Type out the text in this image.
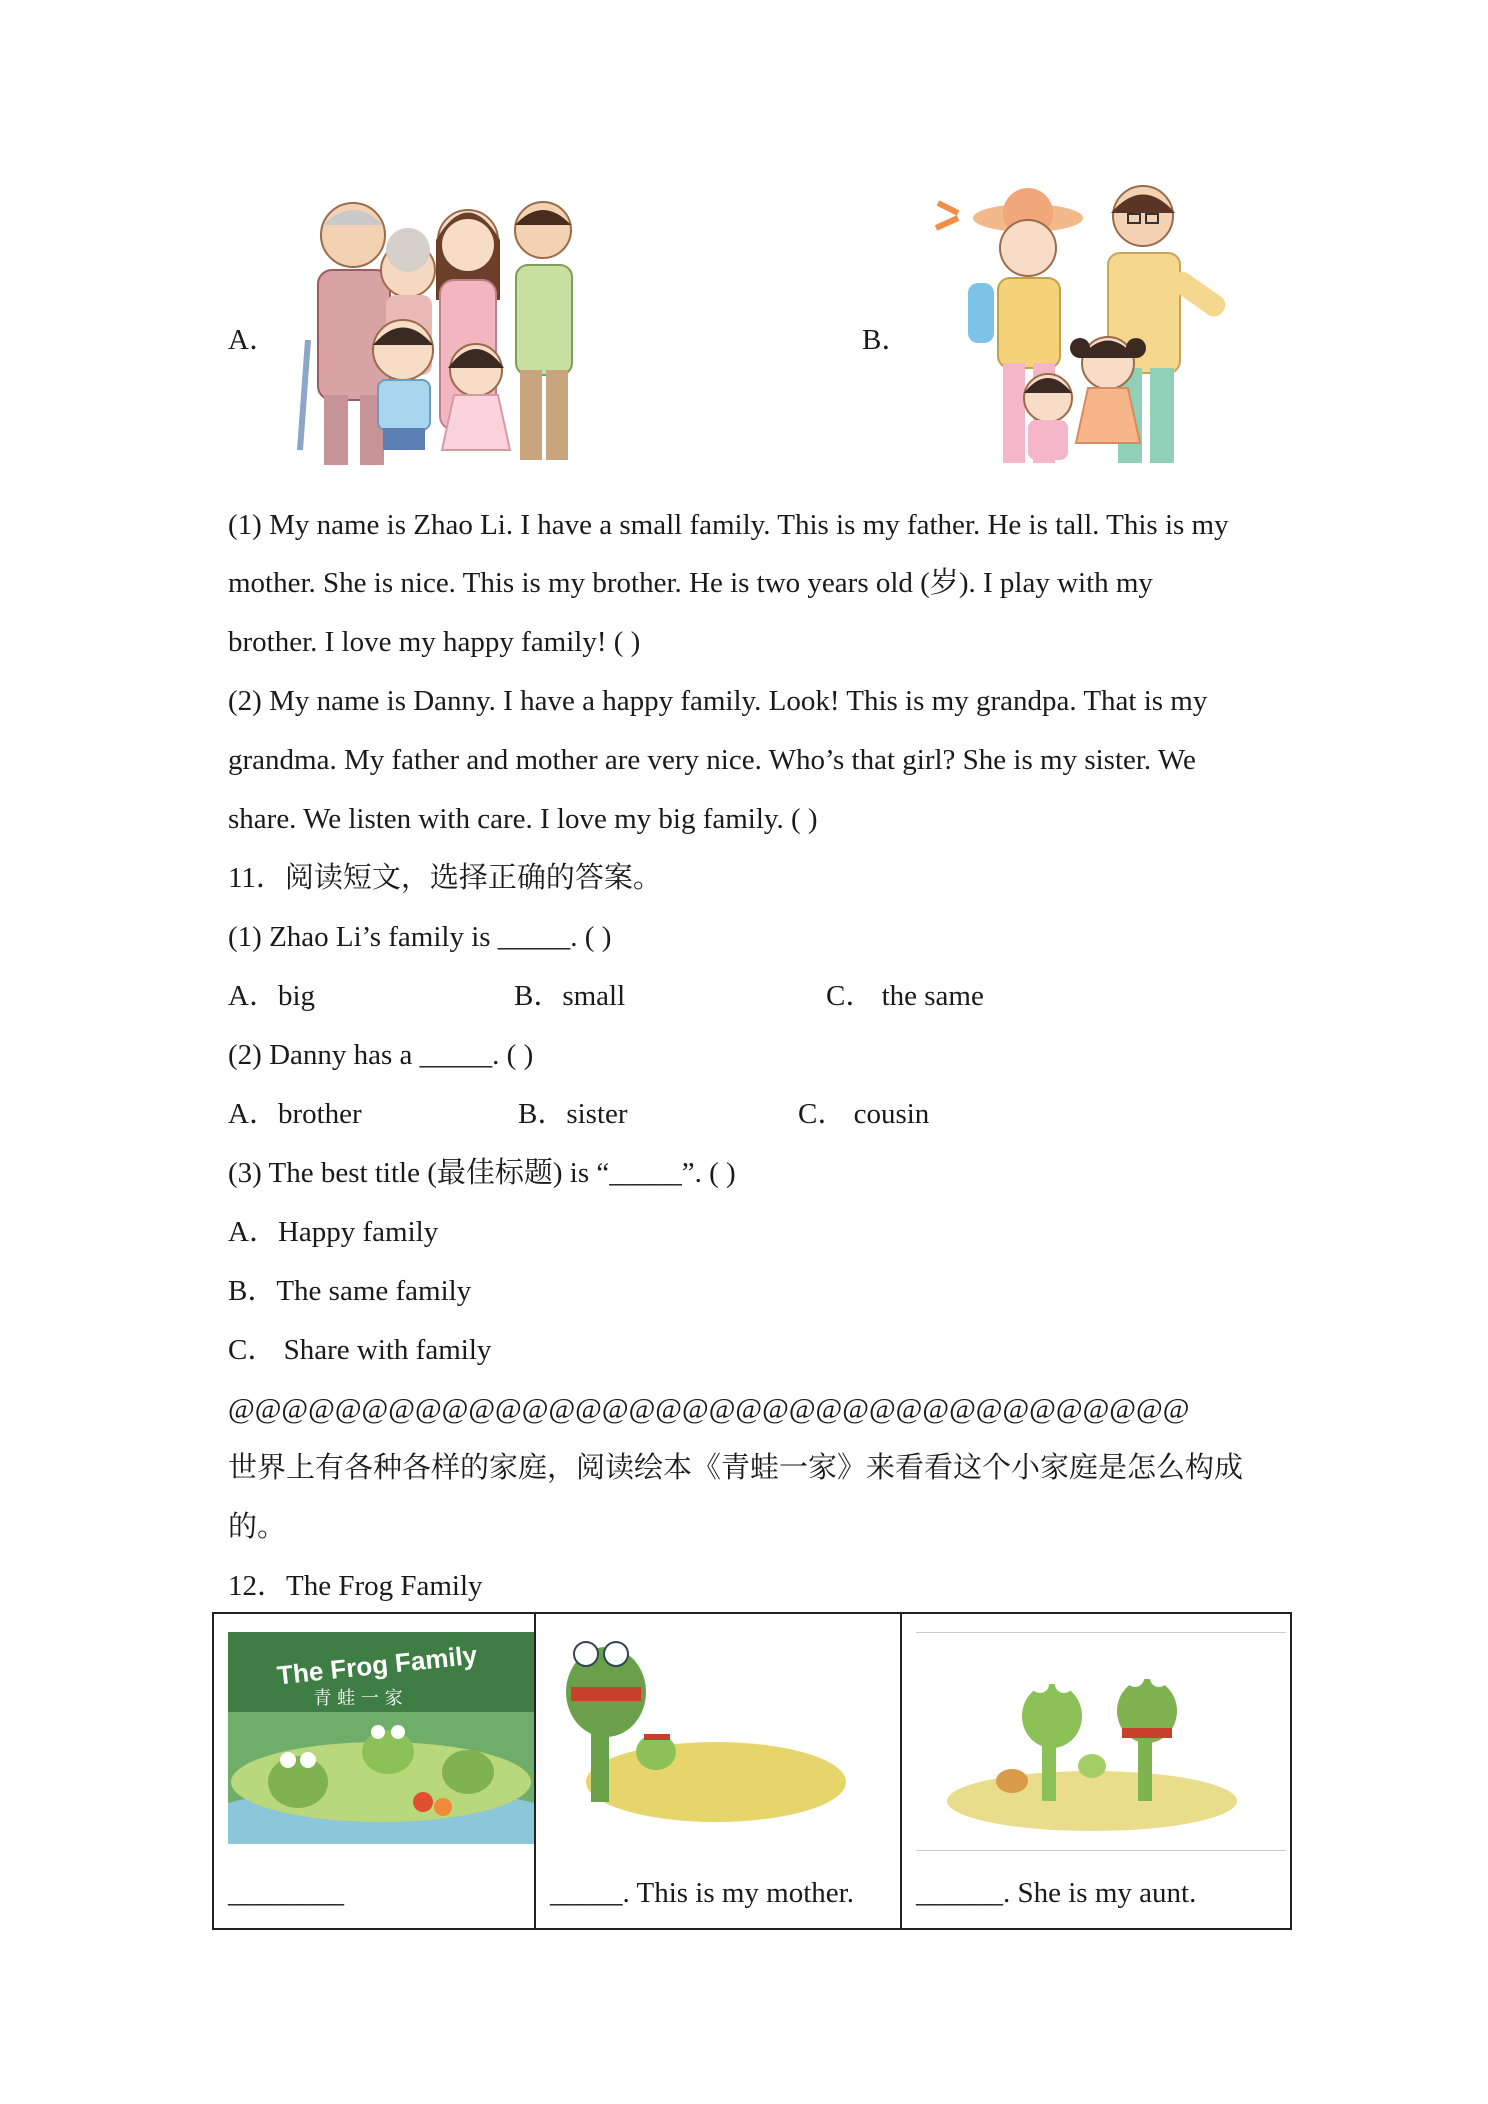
A．	B．
(1) My name is Zhao Li. I have a small family. This is my father. He is tall. This is my
mother. She is nice. This is my brother. He is two years old (岁). I play with my
brother. I love my happy family! ( )
(2) My name is Danny. I have a happy family. Look! This is my grandpa. That is my
grandma. My father and mother are very nice. Who’s that girl? She is my sister. We
share. We listen with care. I love my big family. ( )
11．阅读短文，选择正确的答案。
(1) Zhao Li’s family is _____. ( )
A．big	B．small	C． the same
(2) Danny has a _____. ( )
A．brother	B．sister	C． cousin
(3) The best title (最佳标题) is “_____”. ( )
A．Happy family
B．The same family
C． Share with family
@@@@@@@@@@@@@@@@@@@@@@@@@@@@@@@@@@@@
世界上有各种各样的家庭，阅读绘本《青蛙一家》来看看这个小家庭是怎么构成
的。
12．The Frog Family
The Frog Family
青 蛙 一 家
________	_____. This is my mother.	______. She is my aunt.
